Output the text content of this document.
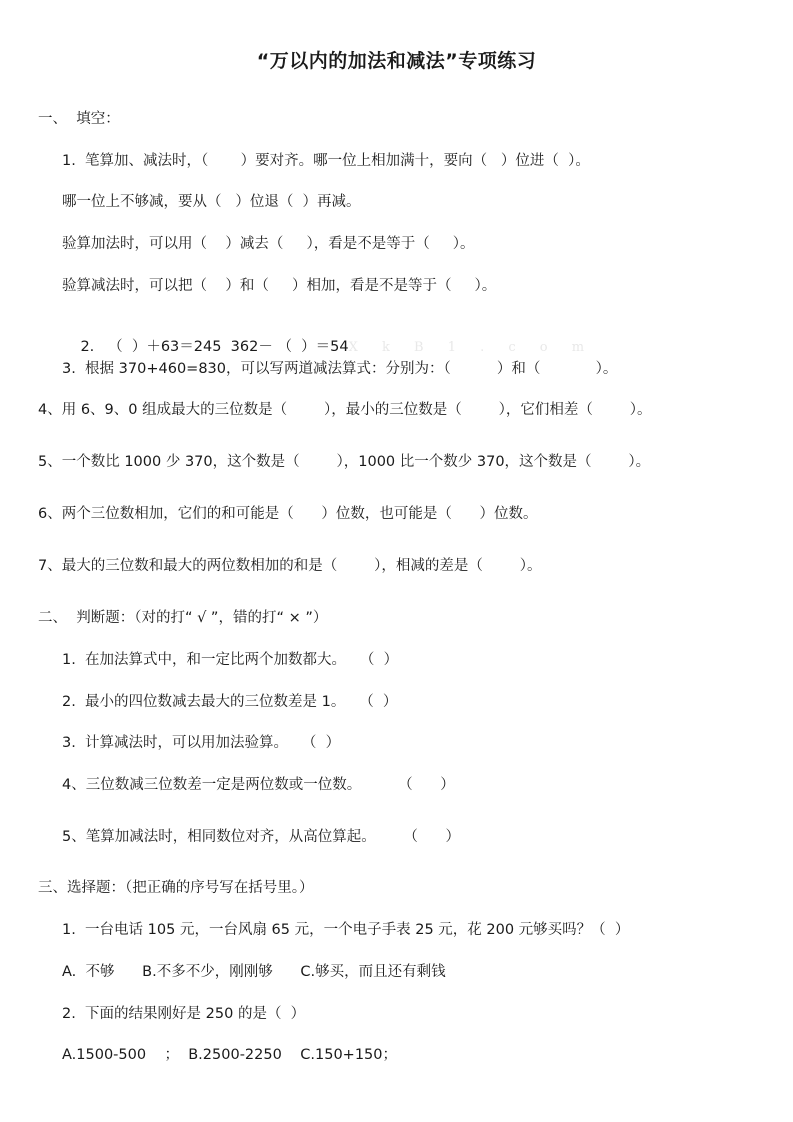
“万以内的加法和减法”专项练习
一、  填空：
1.  笔算加、减法时，（       ）要对齐。哪一位上相加满十，要向（   ）位进（  ）。
哪一位上不够减，要从（   ）位退（  ）再减。
验算加法时，可以用（    ）减去（     ），看是不是等于（     ）。
验算减法时，可以把（    ）和（     ）相加，看是不是等于（     ）。

2.   （  ）＋63＝245  362－ （  ）＝54X k B 1 . c o m

3.  根据 370+460=830，可以写两道减法算式：分别为：（          ）和（            ）。
4、用 6、9、0 组成最大的三位数是（        ），最小的三位数是（        ），它们相差（        ）。
5、一个数比 1000 少 370，这个数是（        ），1000 比一个数少 370，这个数是（        ）。
6、两个三位数相加，它们的和可能是（      ）位数，也可能是（      ）位数。
7、最大的三位数和最大的两位数相加的和是（        ），相减的差是（        ）。
二、  判断题：（对的打“ √ ”，错的打“ × ”）
1.  在加法算式中，和一定比两个加数都大。   （  ）
2.  最小的四位数减去最大的三位数差是 1。   （  ）
3.  计算减法时，可以用加法验算。   （  ）
4、三位数减三位数差一定是两位数或一位数。        （      ）
5、笔算加减法时，相同数位对齐，从高位算起。      （      ）
三、选择题：（把正确的序号写在括号里。）
1.  一台电话 105 元，一台风扇 65 元，一个电子手表 25 元，花 200 元够买吗？（  ）
A.  不够      B.不多不少，刚刚够      C.够买，而且还有剩钱
2.  下面的结果刚好是 250 的是（  ）
A.1500-500    ；  B.2500-2250    C.150+150；
